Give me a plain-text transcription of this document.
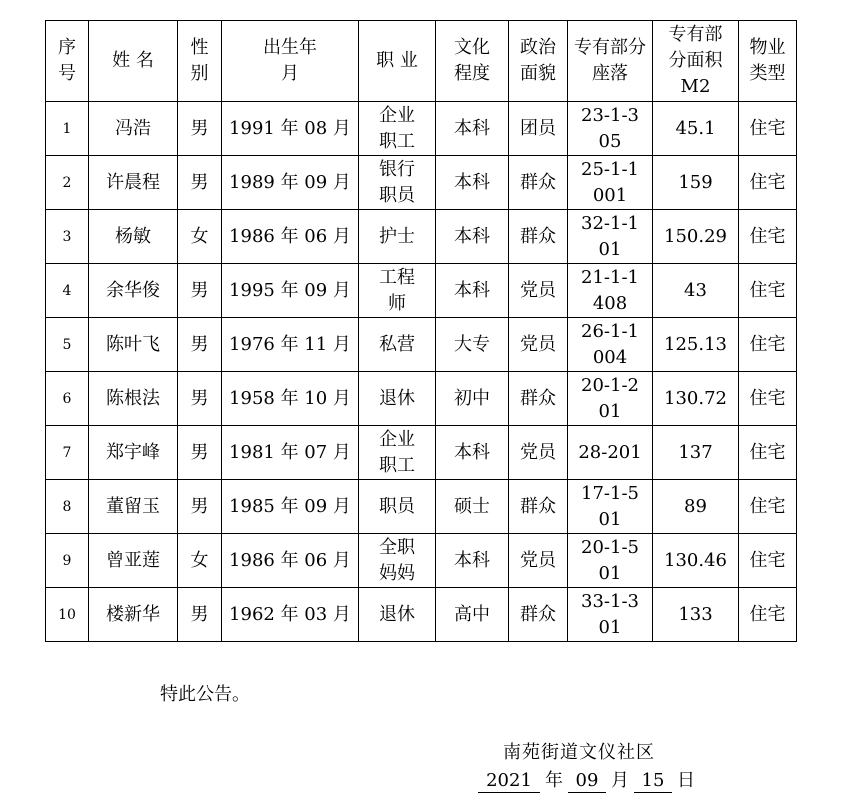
序号	姓 名	性别	出生年月	职 业	文化程度	政治面貌	专有部分座落	专有部分面积M2	物业类型
1	冯浩	男	1991 年 08 月	企业职工	本科	团员	23-1-305	45.1	住宅
2	许晨程	男	1989 年 09 月	银行职员	本科	群众	25-1-1001	159	住宅
3	杨敏	女	1986 年 06 月	护士	本科	群众	32-1-101	150.29	住宅
4	余华俊	男	1995 年 09 月	工程师	本科	党员	21-1-1408	43	住宅
5	陈叶飞	男	1976 年 11 月	私营	大专	党员	26-1-1004	125.13	住宅
6	陈根法	男	1958 年 10 月	退休	初中	群众	20-1-201	130.72	住宅
7	郑宇峰	男	1981 年 07 月	企业职工	本科	党员	28-201	137	住宅
8	董留玉	男	1985 年 09 月	职员	硕士	群众	17-1-501	89	住宅
9	曾亚莲	女	1986 年 06 月	全职妈妈	本科	党员	20-1-501	130.46	住宅
10	楼新华	男	1962 年 03 月	退休	高中	群众	33-1-301	133	住宅
特此公告。
南苑街道文仪社区
2021 年 09 月 15 日
